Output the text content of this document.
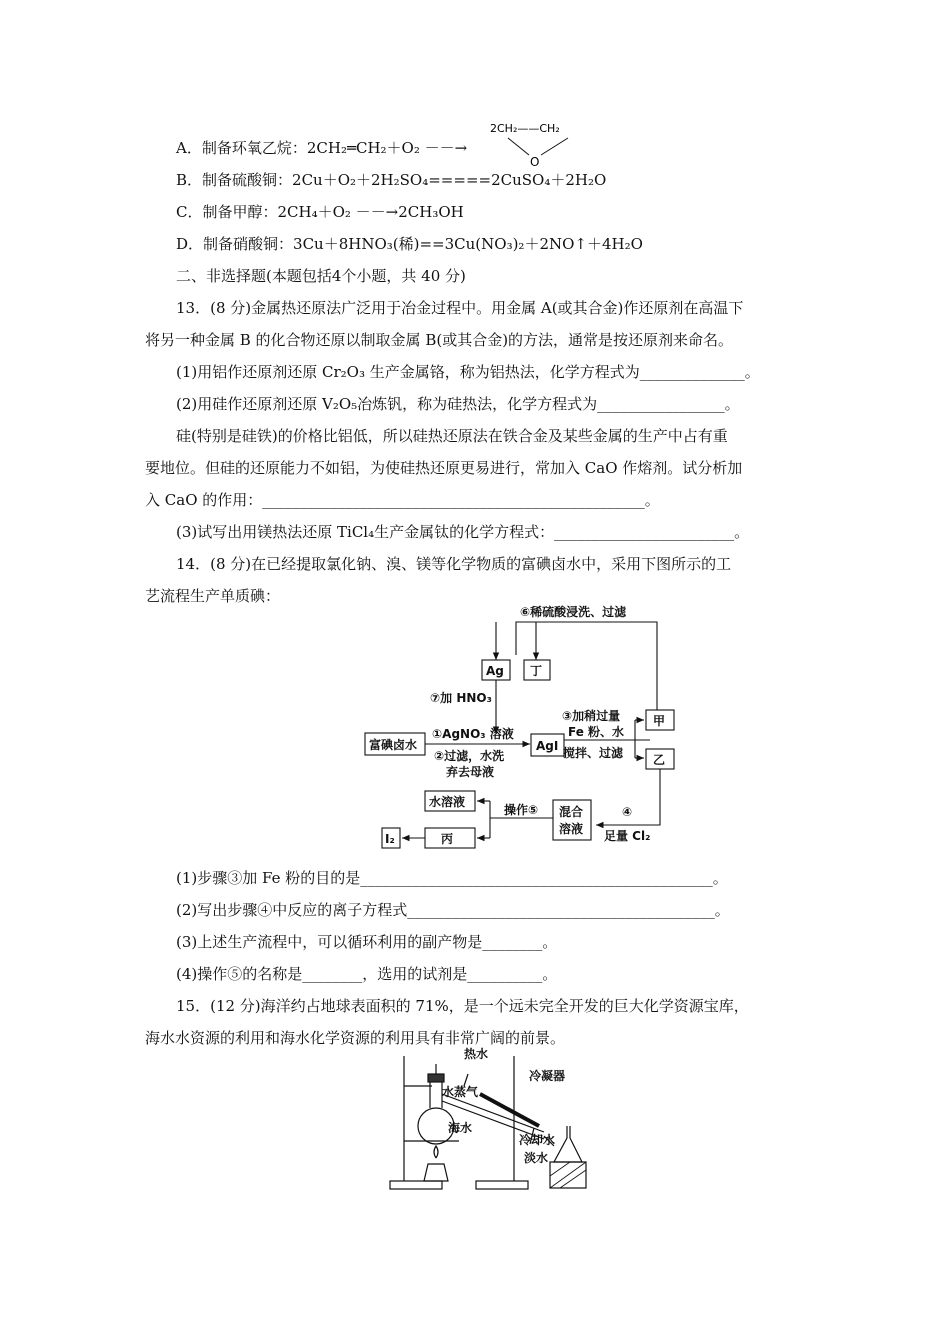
A．制备环氧乙烷：2CH₂═CH₂＋O₂ －－→
2CH₂——CH₂
O
B．制备硫酸铜：2Cu＋O₂＋2H₂SO₄=====2CuSO₄＋2H₂O
C．制备甲醇：2CH₄＋O₂ －－→2CH₃OH
D．制备硝酸铜：3Cu＋8HNO₃(稀)==3Cu(NO₃)₂＋2NO↑＋4H₂O
二、非选择题(本题包括4个小题，共 40 分)
13．(8 分)金属热还原法广泛用于冶金过程中。用金属 A(或其合金)作还原剂在高温下
将另一种金属 B 的化合物还原以制取金属 B(或其合金)的方法，通常是按还原剂来命名。
(1)用铝作还原剂还原 Cr₂O₃ 生产金属铬，称为铝热法，化学方程式为______________。
(2)用硅作还原剂还原 V₂O₅冶炼钒，称为硅热法，化学方程式为_________________。
硅(特别是硅铁)的价格比铝低，所以硅热还原法在铁合金及某些金属的生产中占有重
要地位。但硅的还原能力不如铝，为使硅热还原更易进行，常加入 CaO 作熔剂。试分析加
入 CaO 的作用：___________________________________________________。
(3)试写出用镁热法还原 TiCl₄生产金属钛的化学方程式：________________________。
14．(8 分)在已经提取氯化钠、溴、镁等化学物质的富碘卤水中，采用下图所示的工
艺流程生产单质碘：
⑥稀硫酸浸洗、过滤
Ag 丁
⑦加 HNO₃
③加稍过量
Fe 粉、水
搅拌、过滤
甲
富碘卤水
①AgNO₃ 溶液
②过滤，水洗
弃去母液
AgI
乙
水溶液
操作⑤ 混合
溶液
④
足量 Cl₂
I₂	丙
(1)步骤③加 Fe 粉的目的是_______________________________________________。
(2)写出步骤④中反应的离子方程式_________________________________________。
(3)上述生产流程中，可以循环利用的副产物是________。
(4)操作⑤的名称是________，选用的试剂是__________。
15．(12 分)海洋约占地球表面积的 71%，是一个远未完全开发的巨大化学资源宝库，
海水水资源的利用和海水化学资源的利用具有非常广阔的前景。
热水
冷凝器
水蒸气
海水
冷却水
淡水
